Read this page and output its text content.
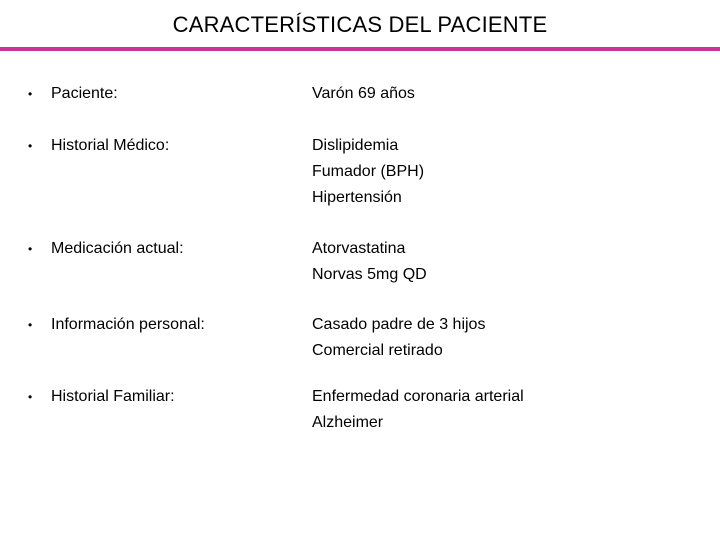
CARACTERÍSTICAS DEL PACIENTE
•	Paciente:	Varón 69 años
•	Historial Médico:	Dislipidemia
Fumador (BPH)
Hipertensión
•	Medicación actual:	Atorvastatina
Norvas 5mg QD
•	Información personal:	Casado padre de 3 hijos
Comercial retirado
•	Historial Familiar:	Enfermedad coronaria arterial
Alzheimer
